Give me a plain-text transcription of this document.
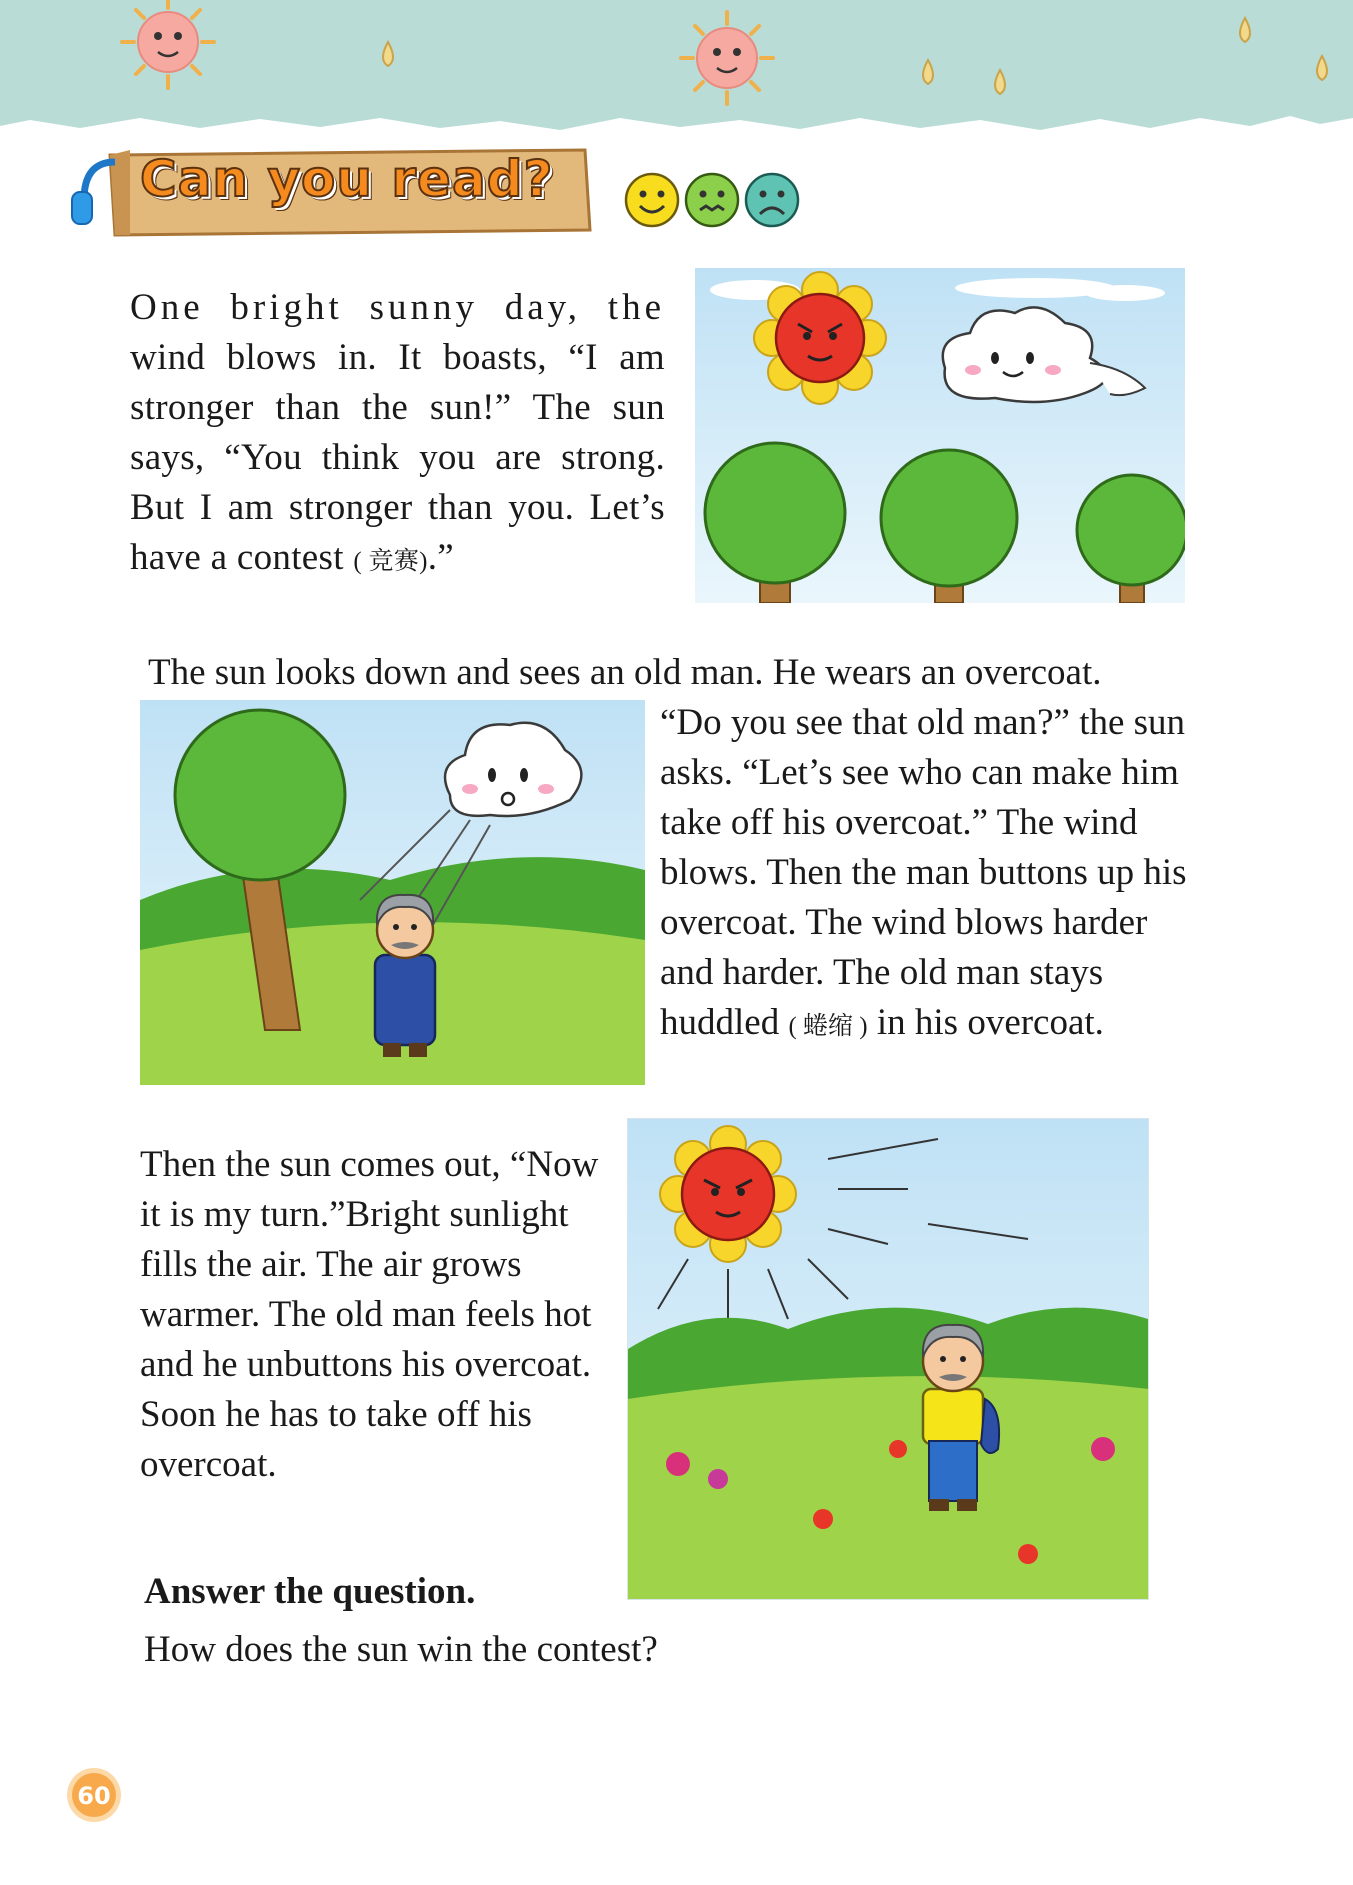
Can you read?

One bright sunny day, the wind blows in. It boasts, “I am stronger than the sun!” The sun says, “You think you are strong. But I am stronger than you. Let’s have a contest ( 竞赛).”

The sun looks down and sees an old man. He wears an overcoat.

“Do you see that old man?” the sun asks. “Let’s see who can make him take off his overcoat.” The wind blows. Then the man buttons up his overcoat. The wind blows harder and harder. The old man stays huddled ( 蜷缩 ) in his overcoat.

Then the sun comes out, “Now it is my turn.”Bright sunlight fills the air. The air grows warmer. The old man feels hot and he unbuttons his overcoat. Soon he has to take off his overcoat.

Answer the question.

How does the sun win the contest?

60
